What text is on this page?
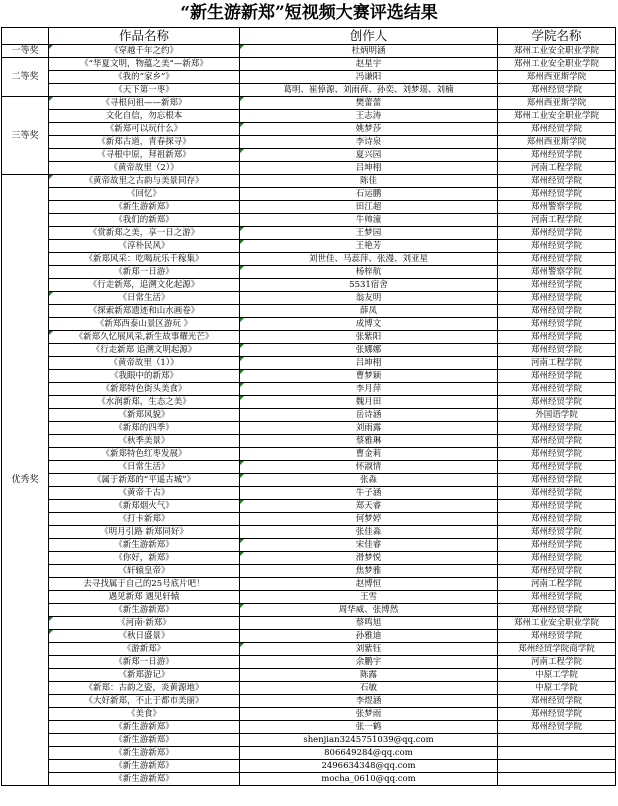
“新生游新郑”短视频大赛评选结果
	作品名称	创作人	学院名称
一等奖	《穿越千年之约》	杜炳明涵	郑州工业安全职业学院
二等奖	《“华夏文明，物蕴之美”—新郑》	赵星宇	郑州工业安全职业学院
	《我的“家乡”》	冯谦阳	郑州西亚斯学院
	《天下第一枣》	葛明、崔倬源、刘雨荷、孙奕、刘梦瑶、刘楠	郑州经贸学院
三等奖	《寻根问祖——新郑》	樊蕾蕾	郑州西亚斯学院
	文化自信，勿忘根本	王志涛	郑州工业安全职业学院
	《新郑可以玩什么》	姚梦莎	郑州经贸学院
	《新郑古道，青春探寻》	李诗泉	郑州西亚斯学院
	《寻根中原，拜祖新郑》	夏兴园	郑州经贸学院
	《黄帝故里（2）》	吕坤栩	河南工程学院
优秀奖	《黄帝故里之古韵与美景同存》	陈佳	郑州经贸学院
	《回忆》	石运鹏	郑州经贸学院
	《新生游新郑》	田江超	郑州警察学院
	《我们的新郑》	牛帅潼	河南工程学院
	《赏新郑之美，享一日之游》	王梦园	郑州经贸学院
	《淳朴民风》	王艳芳	郑州经贸学院
	《新郑风采：吃喝玩乐千稼集》	刘世佳、马蕊萍、张漫、刘亚星	郑州经贸学院
	《新郑一日游》	杨梓航	郑州警察学院
	《行走新郑，追溯文化起源》	5531宿舍	郑州经贸学院
	《日常生活》	翁友明	郑州经贸学院
	《探索新郑遗迹和山水画卷》	薛凤	郑州经贸学院
	《新郑西泰山景区游玩 》	成博文	郑州经贸学院
	《新郑久忆展风采,新生故事耀光芒》	张紫阳	郑州经贸学院
	《行走新郑 追溯文明起源》	张娜娜	郑州经贸学院
	《黄帝故里（1）》	吕坤栩	河南工程学院
	《我眼中的新郑》	曹梦颖	郑州经贸学院
	《新郑特色街头美食》	李月萍	郑州经贸学院
	《水润新郑，生态之美》	魏月田	郑州经贸学院
	《新郑风貌》	岳诗涵	外国语学院
	《新郑的四季》	刘雨露	郑州经贸学院
	《秋季美景》	蔡雅琳	郑州经贸学院
	《新郑特色红枣发展》	曹金莉	郑州经贸学院
	《日常生活》	怀淑情	郑州经贸学院
	《属于新郑的“平遥古城”》	张淼	郑州经贸学院
	《黄帝千古》	牛子涵	郑州经贸学院
	《新郑烟火气》	郑天睿	郑州经贸学院
	《打卡新郑》	何梦婷	郑州经贸学院
	《明月引路 新郑同好》	张佳淼	郑州经贸学院
	《新生游新郑》	宋佳睿	郑州经贸学院
	《你好，新郑》	滑梦悦	郑州经贸学院
	《轩辕皇帝》	焦梦雅	郑州经贸学院
	去寻找属于自己的25号底片吧！	赵博恒	河南工程学院
	遇见新郑 遇见轩辕	王雪	郑州经贸学院
	《新生游新郑》	周华威、张博然	郑州经贸学院
	《河南·新郑》	蔡鸣旭	郑州工业安全职业学院
	《秋日盛景》	孙雅迪	郑州经贸学院
	《游新郑》	刘紫钰	郑州经贸学院商学院
	《新郑一日游》	余鹏宇	河南工程学院
	《新郑游记》	陈露	中原工学院
	《新郑：古韵之姿，炎黄源地》	石敏	中原工学院
	《大好新郑，不止于都市美丽》	李煜涵	郑州经贸学院
	《美食》	张梦雨	郑州经贸学院
	《新生游新郑》	张一鹤	郑州经贸学院
	《新生游新郑》	shenjian3245751039@qq.com	
	《新生游新郑》	806649284@qq.com	
	《新生游新郑》	2496634348@qq.com	
	《新生游新郑》	mocha_0610@qq.com	
